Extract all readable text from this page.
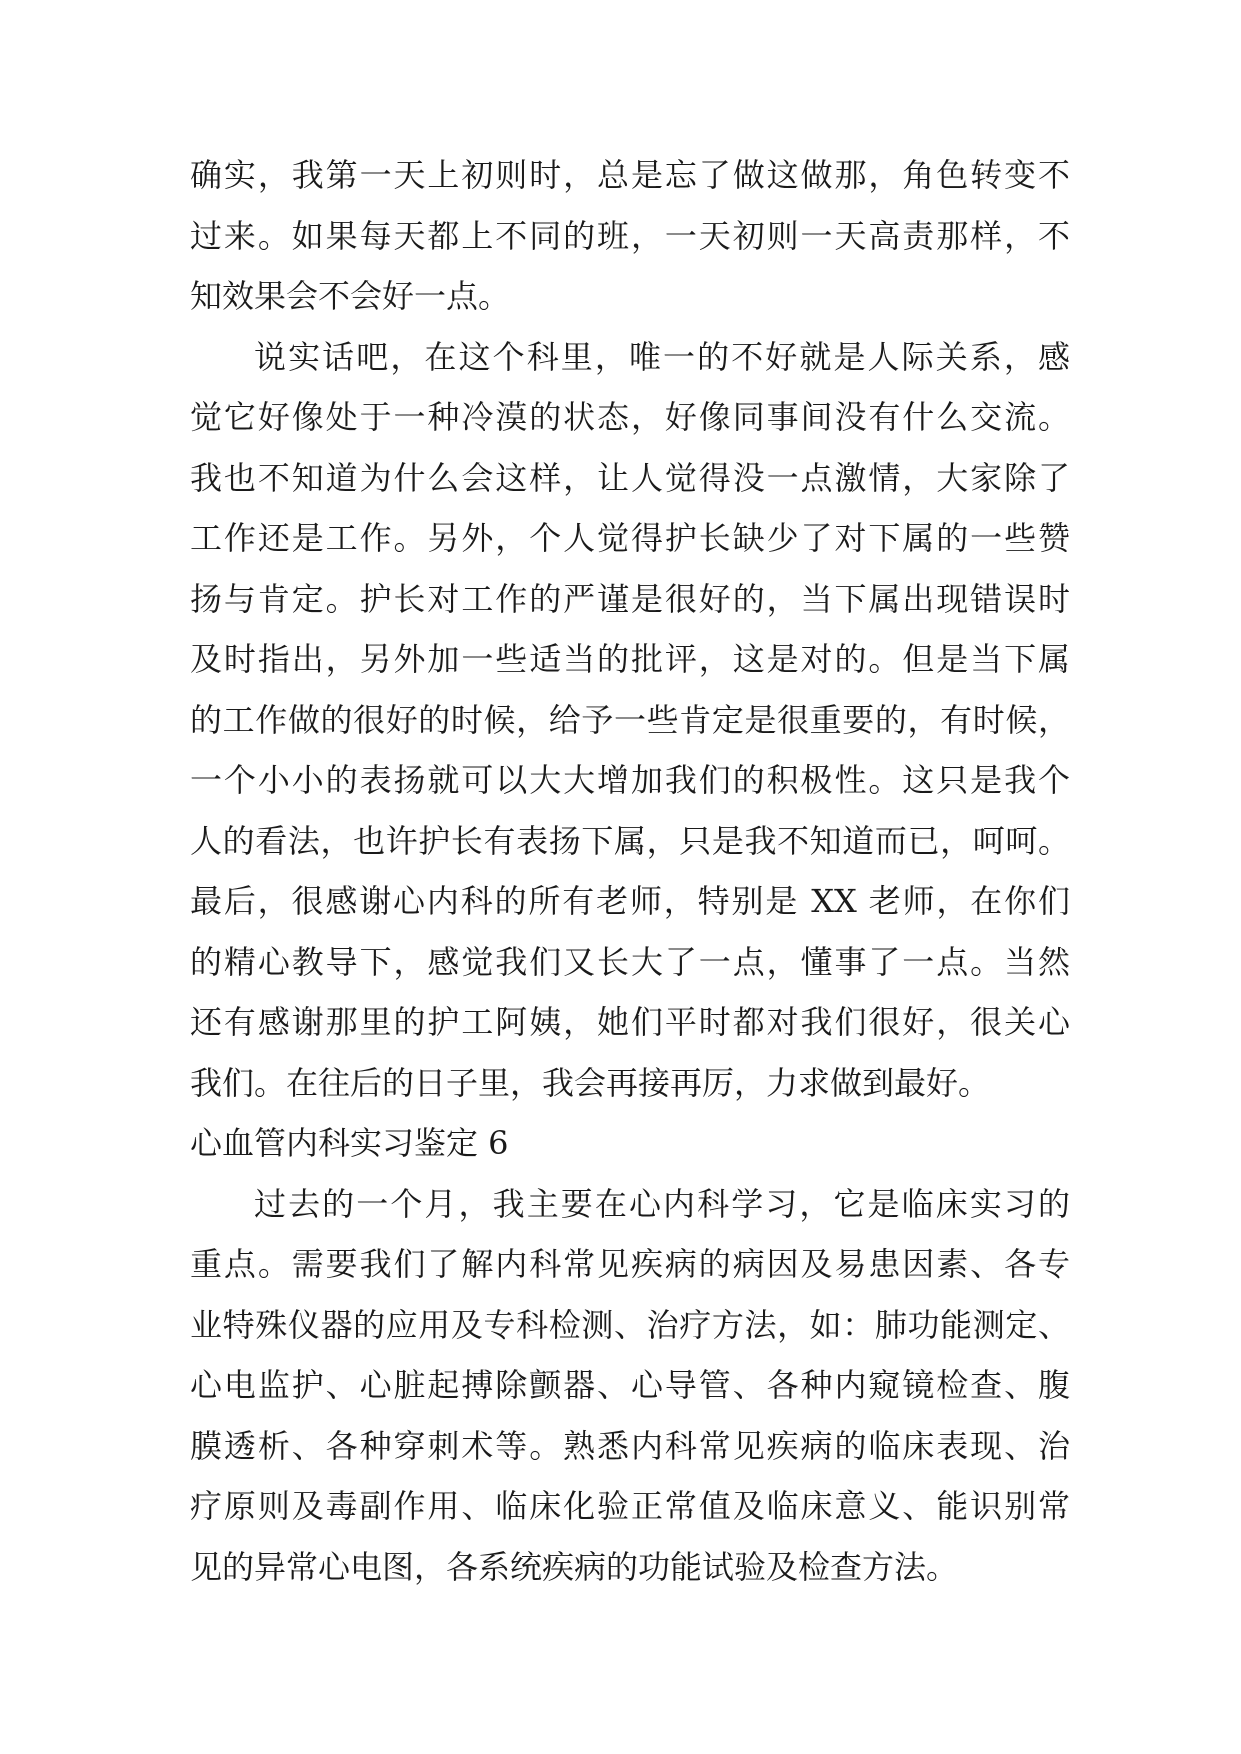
确实，我第一天上初则时，总是忘了做这做那，角色转变不
过来。如果每天都上不同的班，一天初则一天高责那样，不
知效果会不会好一点。
说实话吧，在这个科里，唯一的不好就是人际关系，感
觉它好像处于一种冷漠的状态，好像同事间没有什么交流。
我也不知道为什么会这样，让人觉得没一点激情，大家除了
工作还是工作。另外，个人觉得护长缺少了对下属的一些赞
扬与肯定。护长对工作的严谨是很好的，当下属出现错误时
及时指出，另外加一些适当的批评，这是对的。但是当下属
的工作做的很好的时候，给予一些肯定是很重要的，有时候，
一个小小的表扬就可以大大增加我们的积极性。这只是我个
人的看法，也许护长有表扬下属，只是我不知道而已，呵呵。
最后，很感谢心内科的所有老师，特别是 XX 老师，在你们
的精心教导下，感觉我们又长大了一点，懂事了一点。当然
还有感谢那里的护工阿姨，她们平时都对我们很好，很关心
我们。在往后的日子里，我会再接再厉，力求做到最好。
心血管内科实习鉴定 6
过去的一个月，我主要在心内科学习，它是临床实习的
重点。需要我们了解内科常见疾病的病因及易患因素、各专
业特殊仪器的应用及专科检测、治疗方法，如：肺功能测定、
心电监护、心脏起搏除颤器、心导管、各种内窥镜检查、腹
膜透析、各种穿刺术等。熟悉内科常见疾病的临床表现、治
疗原则及毒副作用、临床化验正常值及临床意义、能识别常
见的异常心电图，各系统疾病的功能试验及检查方法。
